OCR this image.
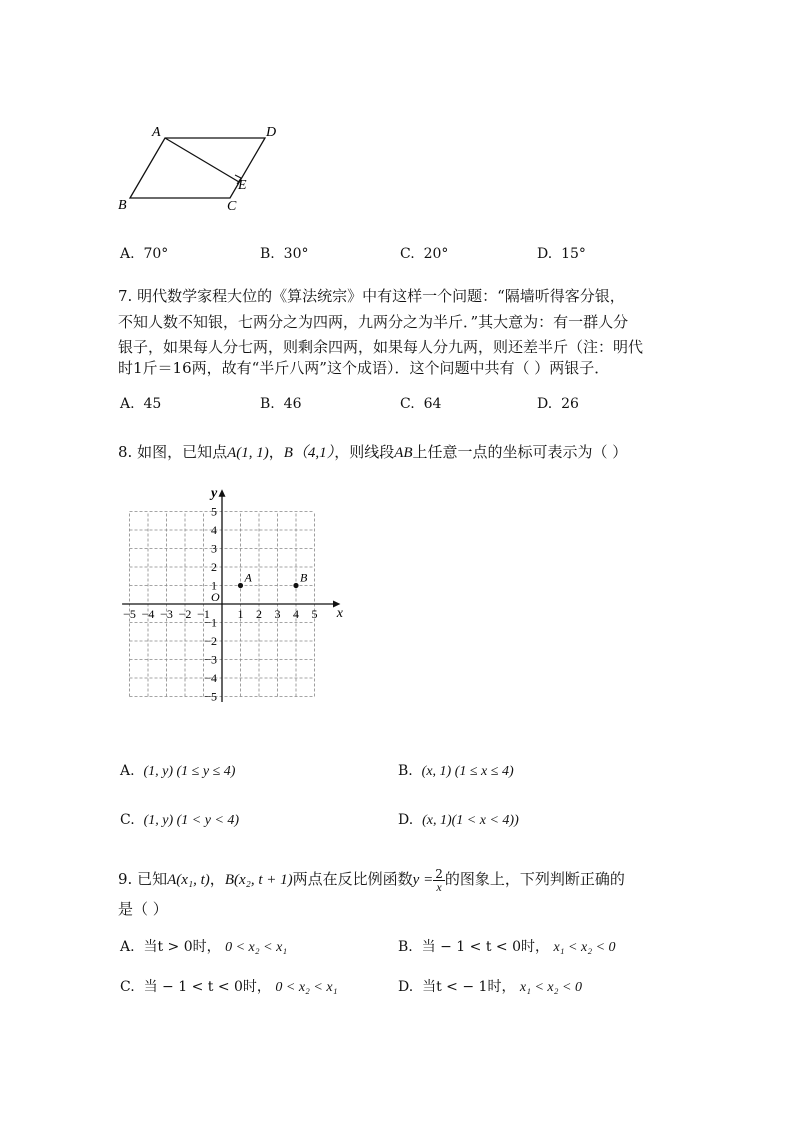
A	D
B	C
E
A. 70°	B. 30°	C. 20°	D. 15°
7. 明代数学家程大位的《算法统宗》中有这样一个问题：“隔墙听得客分银，
不知人数不知银，七两分之为四两，九两分之为半斤．”其大意为：有一群人分
银子，如果每人分七两，则剩余四两，如果每人分九两，则还差半斤（注：明代
时1斤＝16两，故有“半斤八两”这个成语）．这个问题中共有（ ）两银子．
A. 45	B. 46	C. 64	D. 26
8. 如图，已知点A(1, 1)，B（4,1），则线段AB上任意一点的坐标可表示为（ ）
x
y
O
−5 −4 −3 −2 −1 1 2 3 4 5
5
4
3
2
1
−1
−2
−3
−4
−5
A	B
A. (1, y) (1 ≤ y ≤ 4)	B. (x, 1) (1 ≤ x ≤ 4)
C. (1, y) (1 < y < 4)	D. (x, 1)(1 < x < 4))
9. 已知A(x₁, t)，B(x₂, t + 1)两点在反比例函数$y = \frac{2}{x}$ 的图象上，下列判断正确的
是（ ）
A. 当t > 0时， 0 < x₂ < x₁	B. 当 − 1 < t < 0时， x₁ < x₂ < 0
C. 当 − 1 < t < 0时， 0 < x₂ < x₁	D. 当t < − 1时， x₁ < x₂ < 0
